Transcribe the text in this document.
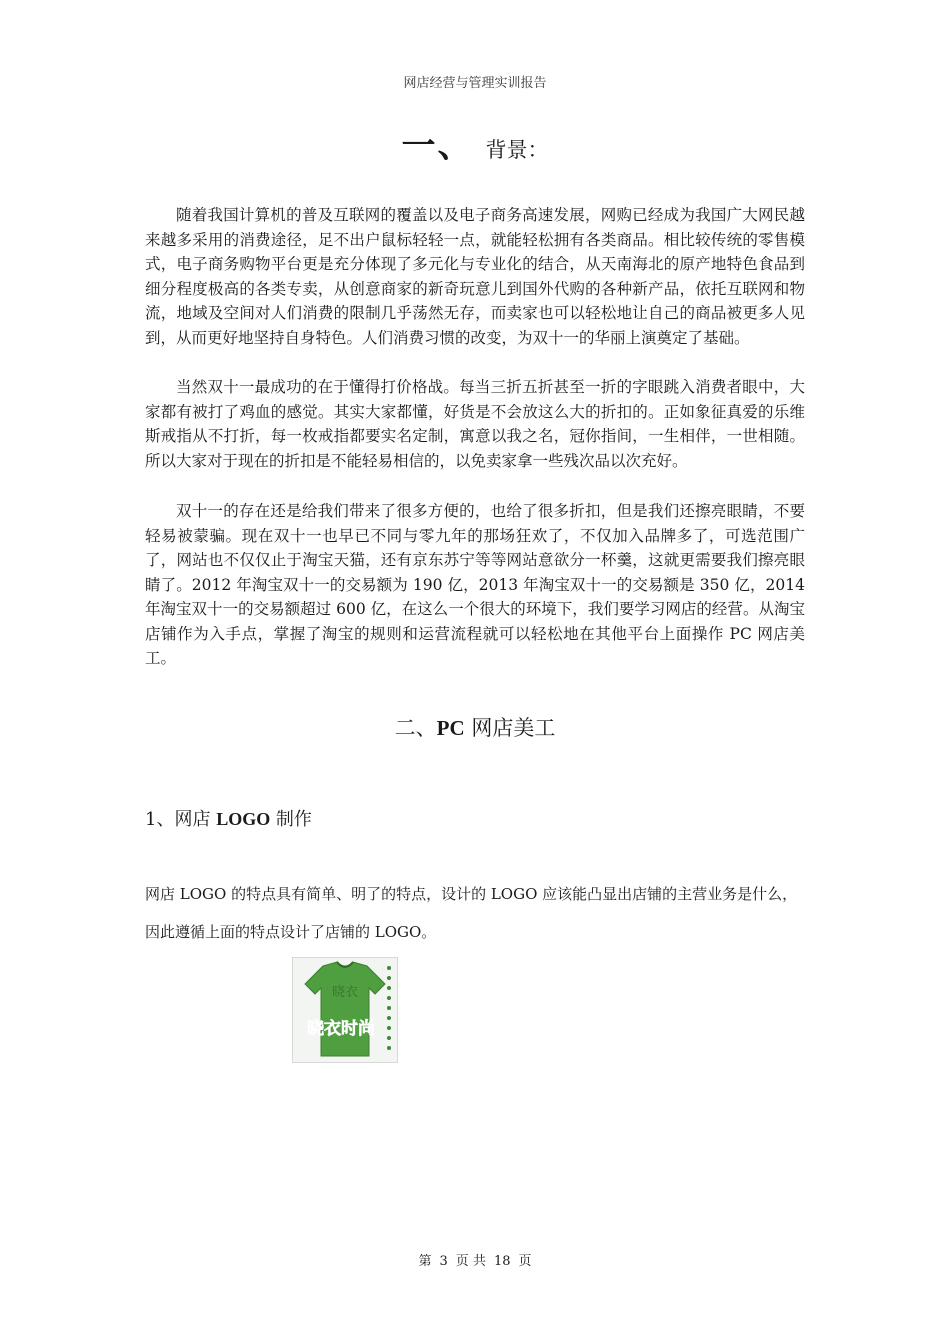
网店经营与管理实训报告
一、 背景：

随着我国计算机的普及互联网的覆盖以及电子商务高速发展，网购已经成为我国广大网民越来越多采用的消费途径，足不出户鼠标轻轻一点，就能轻松拥有各类商品。相比较传统的零售模式，电子商务购物平台更是充分体现了多元化与专业化的结合，从天南海北的原产地特色食品到细分程度极高的各类专卖，从创意商家的新奇玩意儿到国外代购的各种新产品，依托互联网和物流，地域及空间对人们消费的限制几乎荡然无存，而卖家也可以轻松地让自己的商品被更多人见到，从而更好地坚持自身特色。人们消费习惯的改变，为双十一的华丽上演奠定了基础。

当然双十一最成功的在于懂得打价格战。每当三折五折甚至一折的字眼跳入消费者眼中，大家都有被打了鸡血的感觉。其实大家都懂，好货是不会放这么大的折扣的。正如象征真爱的乐维斯戒指从不打折，每一枚戒指都要实名定制，寓意以我之名，冠你指间，一生相伴，一世相随。所以大家对于现在的折扣是不能轻易相信的，以免卖家拿一些残次品以次充好。

双十一的存在还是给我们带来了很多方便的，也给了很多折扣，但是我们还擦亮眼睛，不要轻易被蒙骗。现在双十一也早已不同与零九年的那场狂欢了，不仅加入品牌多了，可选范围广了，网站也不仅仅止于淘宝天猫，还有京东苏宁等等网站意欲分一杯羹，这就更需要我们擦亮眼睛了。2012 年淘宝双十一的交易额为 190 亿，2013 年淘宝双十一的交易额是 350 亿，2014 年淘宝双十一的交易额超过 600 亿，在这么一个很大的环境下，我们要学习网店的经营。从淘宝店铺作为入手点，掌握了淘宝的规则和运营流程就可以轻松地在其他平台上面操作 PC 网店美工。

二、PC 网店美工
1、网店 LOGO 制作
网店 LOGO 的特点具有简单、明了的特点，设计的 LOGO 应该能凸显出店铺的主营业务是什么，
因此遵循上面的特点设计了店铺的 LOGO。
晓衣
晓衣时尚
第 3 页 共 18 页
